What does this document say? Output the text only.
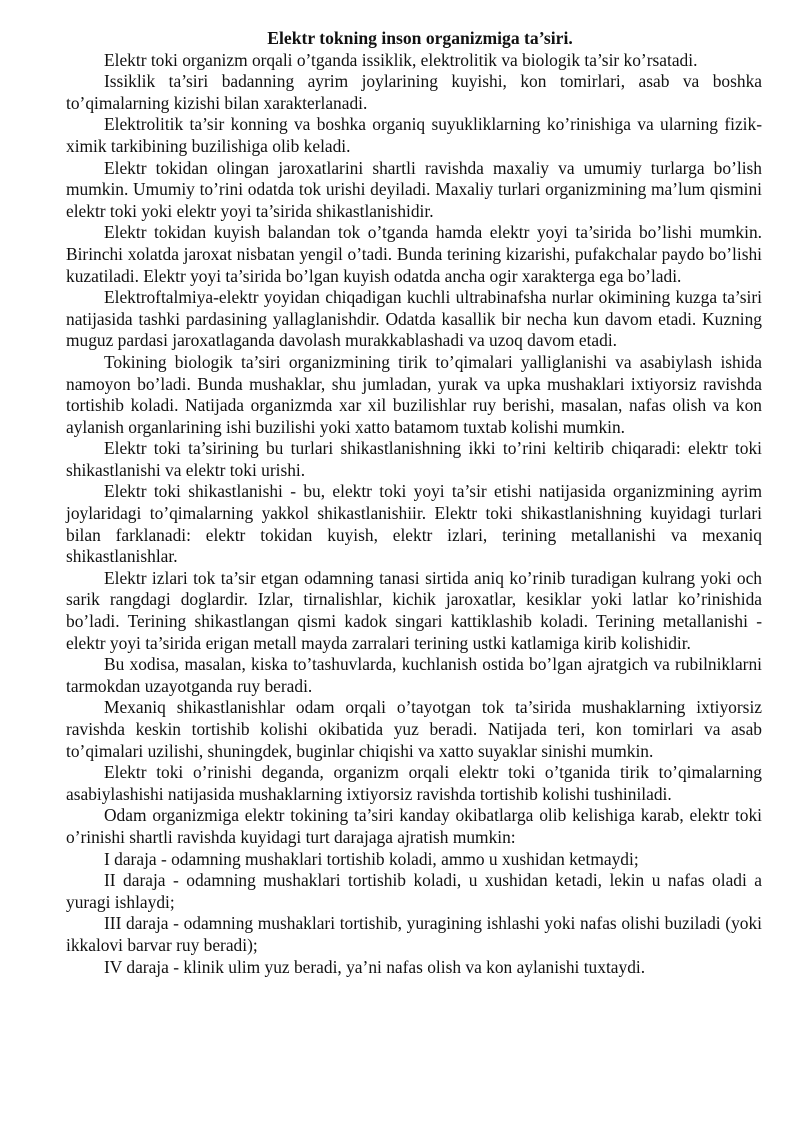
Elektr tokning inson organizmiga ta’siri.

Elektr toki organizm orqali o’tganda issiklik, elektrolitik va biologik ta’sir ko’rsatadi.

Issiklik ta’siri badanning ayrim joylarining kuyishi, kon tomirlari, asab va boshka to’qimalarning kizishi bilan xarakterlanadi.

Elektrolitik ta’sir konning va boshka organiq suyukliklarning ko’rinishiga va ularning fizik-ximik tarkibining buzilishiga olib keladi.

Elektr tokidan olingan jaroxatlarini shartli ravishda maxaliy va umumiy turlarga bo’lish mumkin. Umumiy to’rini odatda tok urishi deyiladi. Maxaliy turlari organizmining ma’lum qismini elektr toki yoki elektr yoyi ta’sirida shikastlanishidir.

Elektr tokidan kuyish balandan tok o’tganda hamda elektr yoyi ta’sirida bo’lishi mumkin. Birinchi xolatda jaroxat nisbatan yengil o’tadi. Bunda terining kizarishi, pufakchalar paydo bo’lishi kuzatiladi. Elektr yoyi ta’sirida bo’lgan kuyish odatda ancha ogir xarakterga ega bo’ladi.

Elektroftalmiya-elektr yoyidan chiqadigan kuchli ultrabinafsha nurlar okimining kuzga ta’siri natijasida tashki pardasining yallaglanishdir. Odatda kasallik bir necha kun davom etadi. Kuzning muguz pardasi jaroxatlaganda davolash murakkablashadi va uzoq davom etadi.

Tokining biologik ta’siri organizmining tirik to’qimalari yalliglanishi va asabiylash ishida namoyon bo’ladi. Bunda mushaklar, shu jumladan, yurak va upka mushaklari ixtiyorsiz ravishda tortishib koladi. Natijada organizmda xar xil buzilishlar ruy berishi, masalan, nafas olish va kon aylanish organlarining ishi buzilishi yoki xatto batamom tuxtab kolishi mumkin.

Elektr toki ta’sirining bu turlari shikastlanishning ikki to’rini keltirib chiqaradi: elektr toki shikastlanishi va elektr toki urishi.

Elektr toki shikastlanishi - bu, elektr toki yoyi ta’sir etishi natijasida organizmining ayrim joylaridagi to’qimalarning yakkol shikastlanishiir. Elektr toki shikastlanishning kuyidagi turlari bilan farklanadi: elektr tokidan kuyish, elektr izlari, terining metallanishi va mexaniq shikastlanishlar.

Elektr izlari tok ta’sir etgan odamning tanasi sirtida aniq ko’rinib turadigan kulrang yoki och sarik rangdagi doglardir. Izlar, tirnalishlar, kichik jaroxatlar, kesiklar yoki latlar ko’rinishida bo’ladi. Terining shikastlangan qismi kadok singari kattiklashib koladi. Terining metallanishi - elektr yoyi ta’sirida erigan metall mayda zarralari terining ustki katlamiga kirib kolishidir.

Bu xodisa, masalan, kiska to’tashuvlarda, kuchlanish ostida bo’lgan ajratgich va rubilniklarni tarmokdan uzayotganda ruy beradi.

Mexaniq shikastlanishlar odam orqali o’tayotgan tok ta’sirida mushaklarning ixtiyorsiz ravishda keskin tortishib kolishi okibatida yuz beradi. Natijada teri, kon tomirlari va asab to’qimalari uzilishi, shuningdek, buginlar chiqishi va xatto suyaklar sinishi mumkin.

Elektr toki o’rinishi deganda, organizm orqali elektr toki o’tganida tirik to’qimalarning asabiylashishi natijasida mushaklarning ixtiyorsiz ravishda tortishib kolishi tushiniladi.

Odam organizmiga elektr tokining ta’siri kanday okibatlarga olib kelishiga karab, elektr toki o’rinishi shartli ravishda kuyidagi turt darajaga ajratish mumkin:

I daraja - odamning mushaklari tortishib koladi, ammo u xushidan ketmaydi;

II daraja - odamning mushaklari tortishib koladi, u xushidan ketadi, lekin u nafas oladi a yuragi ishlaydi;

III daraja - odamning mushaklari tortishib, yuragining ishlashi yoki nafas olishi buziladi (yoki ikkalovi barvar ruy beradi);

IV daraja - klinik ulim yuz beradi, ya’ni nafas olish va kon aylanishi tuxtaydi.
